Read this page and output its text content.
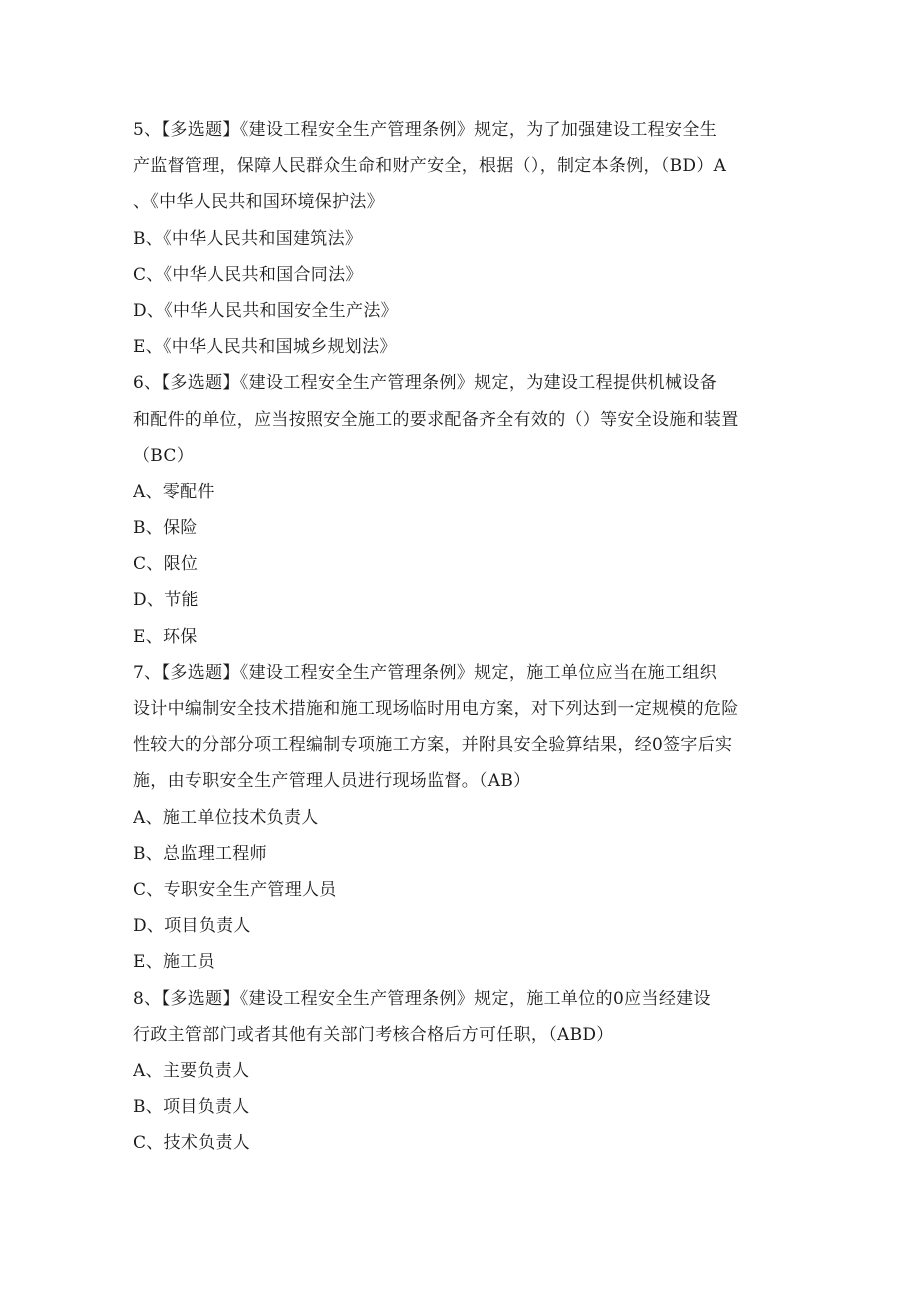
5、【多选题】《建设工程安全生产管理条例》规定，为了加强建设工程安全生
产监督管理，保障人民群众生命和财产安全，根据（），制定本条例，（BD）A
、《中华人民共和国环境保护法》
B、《中华人民共和国建筑法》
C、《中华人民共和国合同法》
D、《中华人民共和国安全生产法》
E、《中华人民共和国城乡规划法》
6、【多选题】《建设工程安全生产管理条例》规定，为建设工程提供机械设备
和配件的单位，应当按照安全施工的要求配备齐全有效的（）等安全设施和装置
（BC）
A、零配件
B、保险
C、限位
D、节能
E、环保
7、【多选题】《建设工程安全生产管理条例》规定，施工单位应当在施工组织
设计中编制安全技术措施和施工现场临时用电方案，对下列达到一定规模的危险
性较大的分部分项工程编制专项施工方案，并附具安全验算结果，经0签字后实
施，由专职安全生产管理人员进行现场监督。（AB）
A、施工单位技术负责人
B、总监理工程师
C、专职安全生产管理人员
D、项目负责人
E、施工员
8、【多选题】《建设工程安全生产管理条例》规定，施工单位的0应当经建设
行政主管部门或者其他有关部门考核合格后方可任职，（ABD）
A、主要负责人
B、项目负责人
C、技术负责人
